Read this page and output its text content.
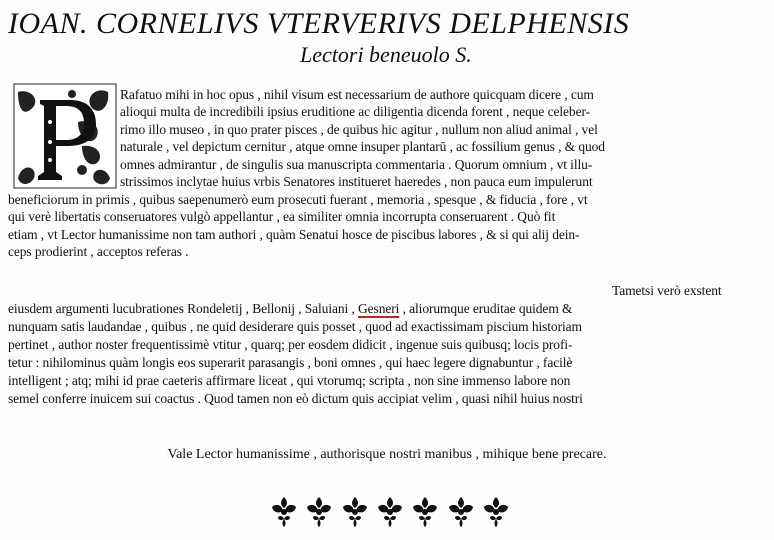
IOAN. CORNELIVS VTERVERIVS DELPHENSIS
Lectori beneuolo S.
Rafatuo mihi in hoc opus , nihil visum est necessarium de authore quicquam dicere , cum
alioqui multa de incredibili ipsius eruditione ac diligentia dicenda forent , neque celeber-
rimo illo museo , in quo prater pisces , de quibus hic agitur , nullum non aliud animal , vel
naturale , vel depictum cernitur , atque omne insuper plantarū , ac fossilium genus , & quod
omnes admirantur , de singulis sua manuscripta commentaria . Quorum omnium , vt illu-
strissimos inclytae huius vrbis Senatores institueret haeredes , non pauca eum impulerunt
beneficiorum in primis , quibus saepenumerò eum prosecuti fuerant , memoria , spesque , & fiducia , fore , vt
qui verè libertatis conseruatores vulgò appellantur , ea similiter omnia incorrupta conseruarent . Quò fit
etiam , vt Lector humanissime non tam authori , quàm Senatui hosce de piscibus labores , & si qui alij dein-
ceps prodierint , acceptos referas .
Tametsi verò exstent
eiusdem argumenti lucubrationes Rondeletij , Bellonij , Saluiani , Gesneri , aliorumque eruditae quidem &
nunquam satis laudandae , quibus , ne quid desiderare quis posset , quod ad exactissimam piscium historiam
pertinet , author noster frequentissimè vtitur , quarq; per eosdem didicit , ingenue suis quibusq; locis profi-
tetur : nihilominus quàm longis eos superarit parasangis , boni omnes , qui haec legere dignabuntur , facilè
intelligent ; atq; mihi id prae caeteris affirmare liceat , qui vtorumq; scripta , non sine immenso labore non
semel conferre inuicem sui coactus . Quod tamen non eò dictum quis accipiat velim , quasi nihil huius nostri
Vale Lector humanissime , authorisque nostri manibus , mihique bene precare.
